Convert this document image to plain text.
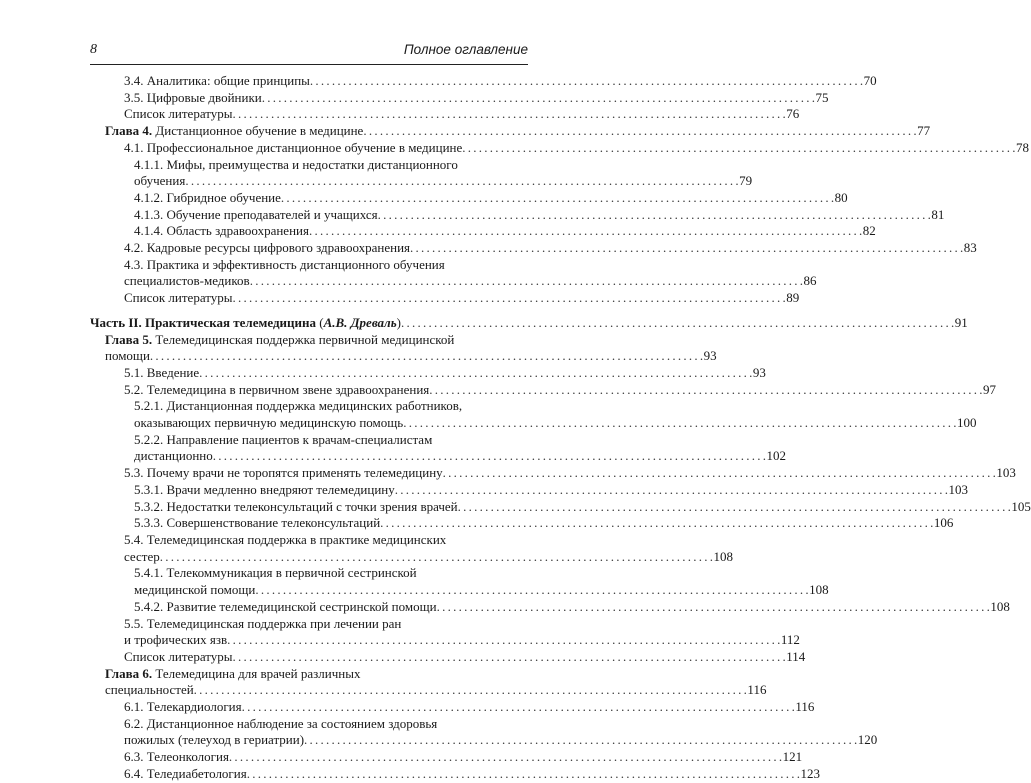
8	Полное оглавление
3.4. Аналитика: общие принципы . . .	70
3.5. Цифровые двойники . . .	75
Список литературы . . .	76
Глава 4. Дистанционное обучение в медицине . . .	77
4.1. Профессиональное дистанционное обучение в медицине . . .	78
4.1.1. Мифы, преимущества и недостатки дистанционного
обучения . . .	79
4.1.2. Гибридное обучение . . .	80
4.1.3. Обучение преподавателей и учащихся . . .	81
4.1.4. Область здравоохранения . . .	82
4.2. Кадровые ресурсы цифрового здравоохранения . . .	83
4.3. Практика и эффективность дистанционного обучения
специалистов-медиков . . .	86
Список литературы . . .	89
Часть II. Практическая телемедицина (А.В. Древаль) . . .	91
Глава 5. Телемедицинская поддержка первичной медицинской
помощи . . .	93
5.1. Введение . . .	93
5.2. Телемедицина в первичном звене здравоохранения . . .	97
5.2.1. Дистанционная поддержка медицинских работников,
оказывающих первичную медицинскую помощь . . .	100
5.2.2. Направление пациентов к врачам-специалистам
дистанционно . . .	102
5.3. Почему врачи не торопятся применять телемедицину . . .	103
5.3.1. Врачи медленно внедряют телемедицину . . .	103
5.3.2. Недостатки телеконсультаций с точки зрения врачей . . .	105
5.3.3. Совершенствование телеконсультаций . . .	106
5.4. Телемедицинская поддержка в практике медицинских
сестер . . .	108
5.4.1. Телекоммуникация в первичной сестринской
медицинской помощи . . .	108
5.4.2. Развитие телемедицинской сестринской помощи . . .	108
5.5. Телемедицинская поддержка при лечении ран
и трофических язв . . .	112
Список литературы . . .	114
Глава 6. Телемедицина для врачей различных
специальностей . . .	116
6.1. Телекардиология . . .	116
6.2. Дистанционное наблюдение за состоянием здоровья
пожилых (телеуход в гериатрии) . . .	120
6.3. Телеонкология . . .	121
6.4. Теледиабетология . . .	123
